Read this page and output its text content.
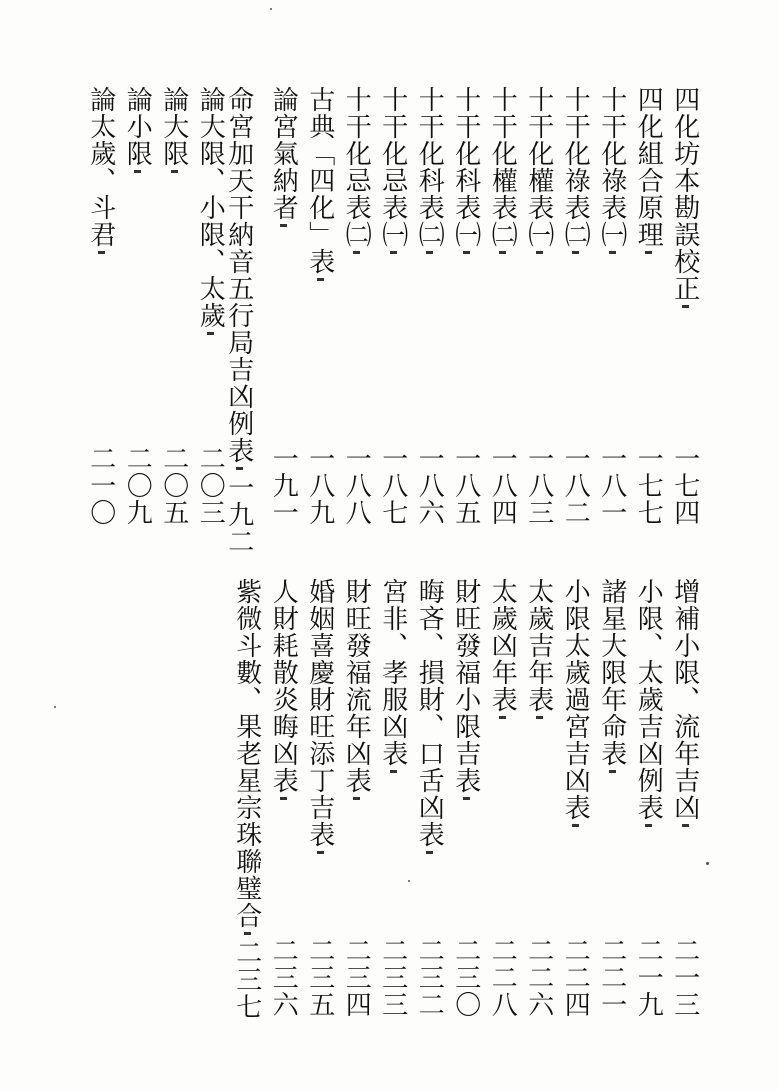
四化坊本勘誤校正
一七四
四化組合原理
一七七
十干化祿表㈠
一八一
十干化祿表㈡
一八二
十干化權表㈠
一八三
十干化權表㈡
一八四
十干化科表㈠
一八五
十干化科表㈡
一八六
十干化忌表㈠
一八七
十干化忌表㈡
一八八
古典「四化」表
一八九
論宮氣納者
一九一
命宮加天干納音五行局吉凶例表
一九二
論大限、小限、太歲
二〇三
論大限
二〇五
論小限
二〇九
論太歲、斗君
二一〇
增補小限、流年吉凶
二一三
小限、太歲吉凶例表
二一九
諸星大限年命表
二二一
小限太歲過宮吉凶表
二二四
太歲吉年表
二二六
太歲凶年表
二二八
財旺發福小限吉表
二三〇
晦吝、損財、口舌凶表
二三二
宮非、孝服凶表
二三三
財旺發福流年凶表
二三四
婚姻喜慶財旺添丁吉表
二三五
人財耗散炎晦凶表
二三六
紫微斗數、果老星宗珠聯璧合
二三七
